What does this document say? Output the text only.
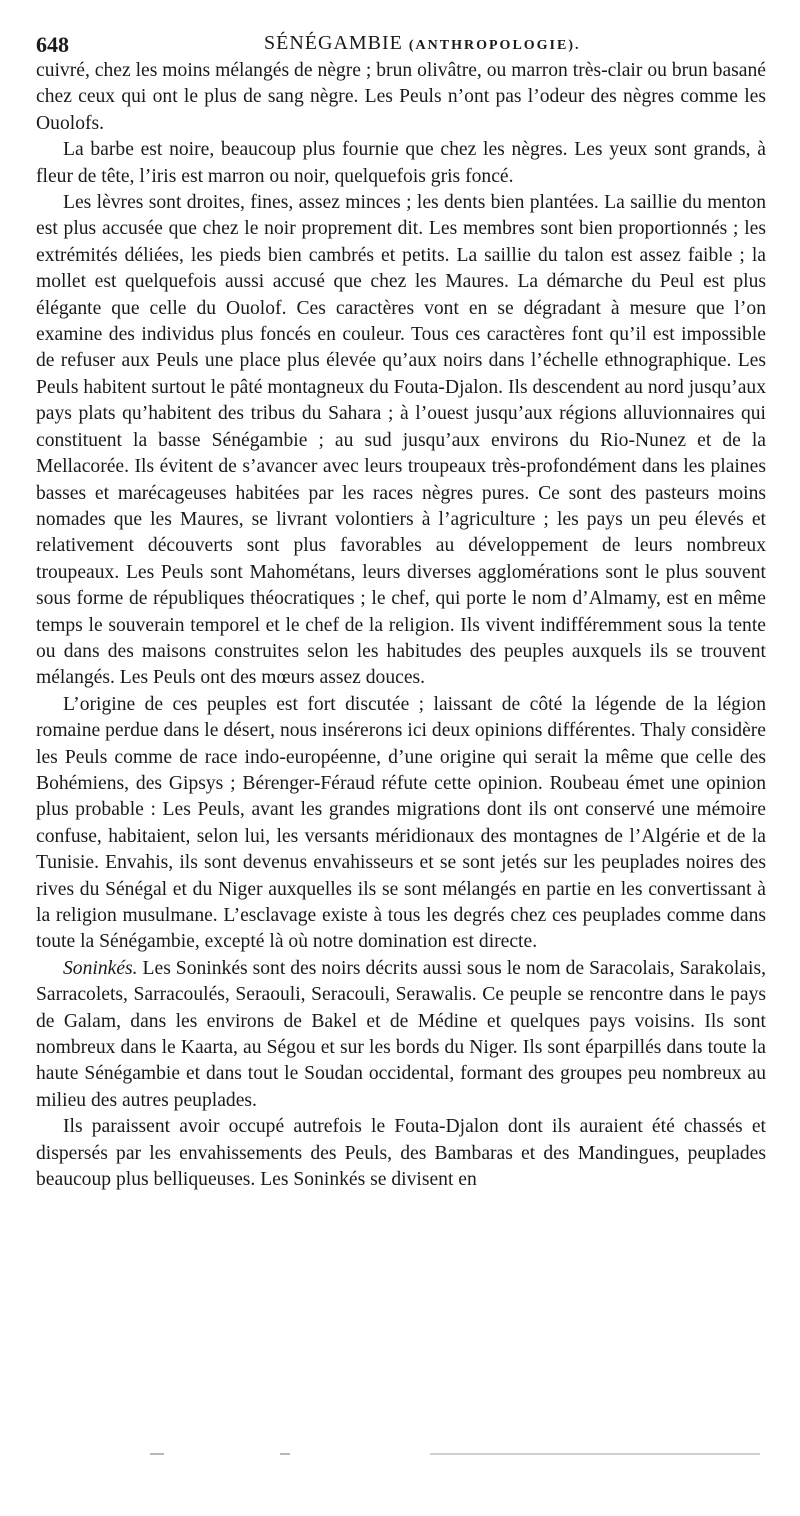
648	SÉNÉGAMBIE (ANTHROPOLOGIE).

cuivré, chez les moins mélangés de nègre ; brun olivâtre, ou marron très-clair ou brun basané chez ceux qui ont le plus de sang nègre. Les Peuls n’ont pas l’odeur des nègres comme les Ouolofs.

La barbe est noire, beaucoup plus fournie que chez les nègres. Les yeux sont grands, à fleur de tête, l’iris est marron ou noir, quelquefois gris foncé.

Les lèvres sont droites, fines, assez minces ; les dents bien plantées. La saillie du menton est plus accusée que chez le noir proprement dit. Les membres sont bien proportionnés ; les extrémités déliées, les pieds bien cambrés et petits. La saillie du talon est assez faible ; la mollet est quelquefois aussi accusé que chez les Maures. La démarche du Peul est plus élégante que celle du Ouolof. Ces caractères vont en se dégradant à mesure que l’on examine des individus plus foncés en couleur. Tous ces caractères font qu’il est impossible de refuser aux Peuls une place plus élevée qu’aux noirs dans l’échelle ethnographique. Les Peuls habitent surtout le pâté montagneux du Fouta-Djalon. Ils descendent au nord jusqu’aux pays plats qu’habitent des tribus du Sahara ; à l’ouest jusqu’aux régions alluvionnaires qui constituent la basse Sénégambie ; au sud jusqu’aux environs du Rio-Nunez et de la Mellacorée. Ils évitent de s’avancer avec leurs troupeaux très-profondément dans les plaines basses et marécageuses habitées par les races nègres pures. Ce sont des pasteurs moins nomades que les Maures, se livrant volontiers à l’agriculture ; les pays un peu élevés et relativement découverts sont plus favorables au développement de leurs nombreux troupeaux. Les Peuls sont Mahométans, leurs diverses agglomérations sont le plus souvent sous forme de républiques théocratiques ; le chef, qui porte le nom d’Almamy, est en même temps le souverain temporel et le chef de la religion. Ils vivent indifféremment sous la tente ou dans des maisons construites selon les habitudes des peuples auxquels ils se trouvent mélangés. Les Peuls ont des mœurs assez douces.

L’origine de ces peuples est fort discutée ; laissant de côté la légende de la légion romaine perdue dans le désert, nous insérerons ici deux opinions différentes. Thaly considère les Peuls comme de race indo-européenne, d’une origine qui serait la même que celle des Bohémiens, des Gipsys ; Bérenger-Féraud réfute cette opinion. Roubeau émet une opinion plus probable : Les Peuls, avant les grandes migrations dont ils ont conservé une mémoire confuse, habitaient, selon lui, les versants méridionaux des montagnes de l’Algérie et de la Tunisie. Envahis, ils sont devenus envahisseurs et se sont jetés sur les peuplades noires des rives du Sénégal et du Niger auxquelles ils se sont mélangés en partie en les convertissant à la religion musulmane. L’esclavage existe à tous les degrés chez ces peuplades comme dans toute la Sénégambie, excepté là où notre domination est directe.

Soninkés. Les Soninkés sont des noirs décrits aussi sous le nom de Saracolais, Sarakolais, Sarracolets, Sarracoulés, Seraouli, Seracouli, Serawalis. Ce peuple se rencontre dans le pays de Galam, dans les environs de Bakel et de Médine et quelques pays voisins. Ils sont nombreux dans le Kaarta, au Ségou et sur les bords du Niger. Ils sont éparpillés dans toute la haute Sénégambie et dans tout le Soudan occidental, formant des groupes peu nombreux au milieu des autres peuplades.

Ils paraissent avoir occupé autrefois le Fouta-Djalon dont ils auraient été chassés et dispersés par les envahissements des Peuls, des Bambaras et des Mandingues, peuplades beaucoup plus belliqueuses. Les Soninkés se divisent en
